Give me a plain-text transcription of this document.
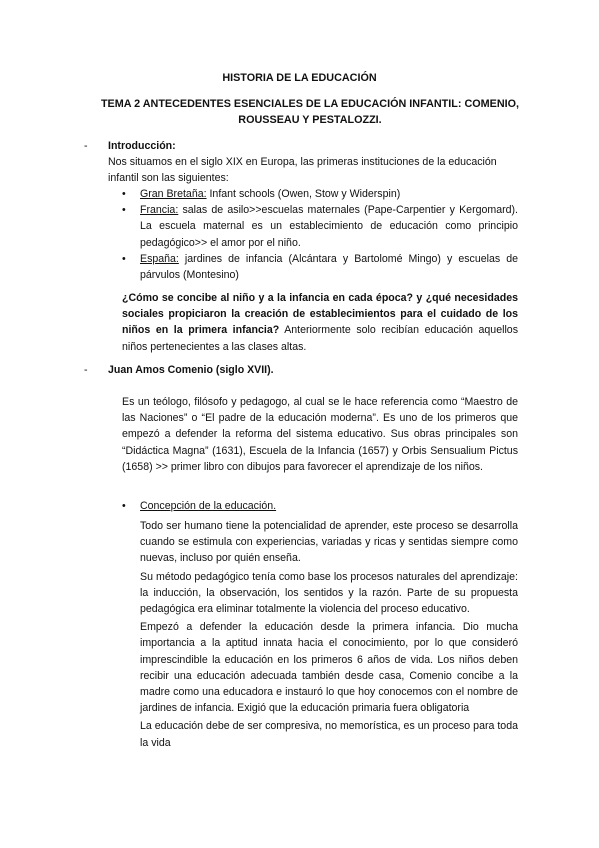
HISTORIA DE LA EDUCACIÓN
TEMA 2 ANTECEDENTES ESENCIALES DE LA EDUCACIÓN INFANTIL: COMENIO, ROUSSEAU Y PESTALOZZI.
- Introducción:

Nos situamos en el siglo XIX en Europa, las primeras instituciones de la educación infantil son las siguientes:

• Gran Bretaña: Infant schools (Owen, Stow y Widerspin)
• Francia: salas de asilo>>escuelas maternales (Pape-Carpentier y Kergomard). La escuela maternal es un establecimiento de educación como principio pedagógico>> el amor por el niño.
• España: jardines de infancia (Alcántara y Bartolomé Mingo) y escuelas de párvulos (Montesino)

¿Cómo se concibe al niño y a la infancia en cada época? y ¿qué necesidades sociales propiciaron la creación de establecimientos para el cuidado de los niños en la primera infancia? Anteriormente solo recibían educación aquellos niños pertenecientes a las clases altas.

- Juan Amos Comenio (siglo XVII).

Es un teólogo, filósofo y pedagogo, al cual se le hace referencia como “Maestro de las Naciones” o “El padre de la educación moderna”. Es uno de los primeros que empezó a defender la reforma del sistema educativo. Sus obras principales son “Didáctica Magna” (1631), Escuela de la Infancia (1657) y Orbis Sensualium Pictus (1658) >> primer libro con dibujos para favorecer el aprendizaje de los niños.

• Concepción de la educación.

Todo ser humano tiene la potencialidad de aprender, este proceso se desarrolla cuando se estimula con experiencias, variadas y ricas y sentidas siempre como nuevas, incluso por quién enseña.

Su método pedagógico tenía como base los procesos naturales del aprendizaje: la inducción, la observación, los sentidos y la razón. Parte de su propuesta pedagógica era eliminar totalmente la violencia del proceso educativo.

Empezó a defender la educación desde la primera infancia. Dio mucha importancia a la aptitud innata hacia el conocimiento, por lo que consideró imprescindible la educación en los primeros 6 años de vida. Los niños deben recibir una educación adecuada también desde casa, Comenio concibe a la madre como una educadora e instauró lo que hoy conocemos con el nombre de jardines de infancia. Exigió que la educación primaria fuera obligatoria

La educación debe de ser compresiva, no memorística, es un proceso para toda la vida
